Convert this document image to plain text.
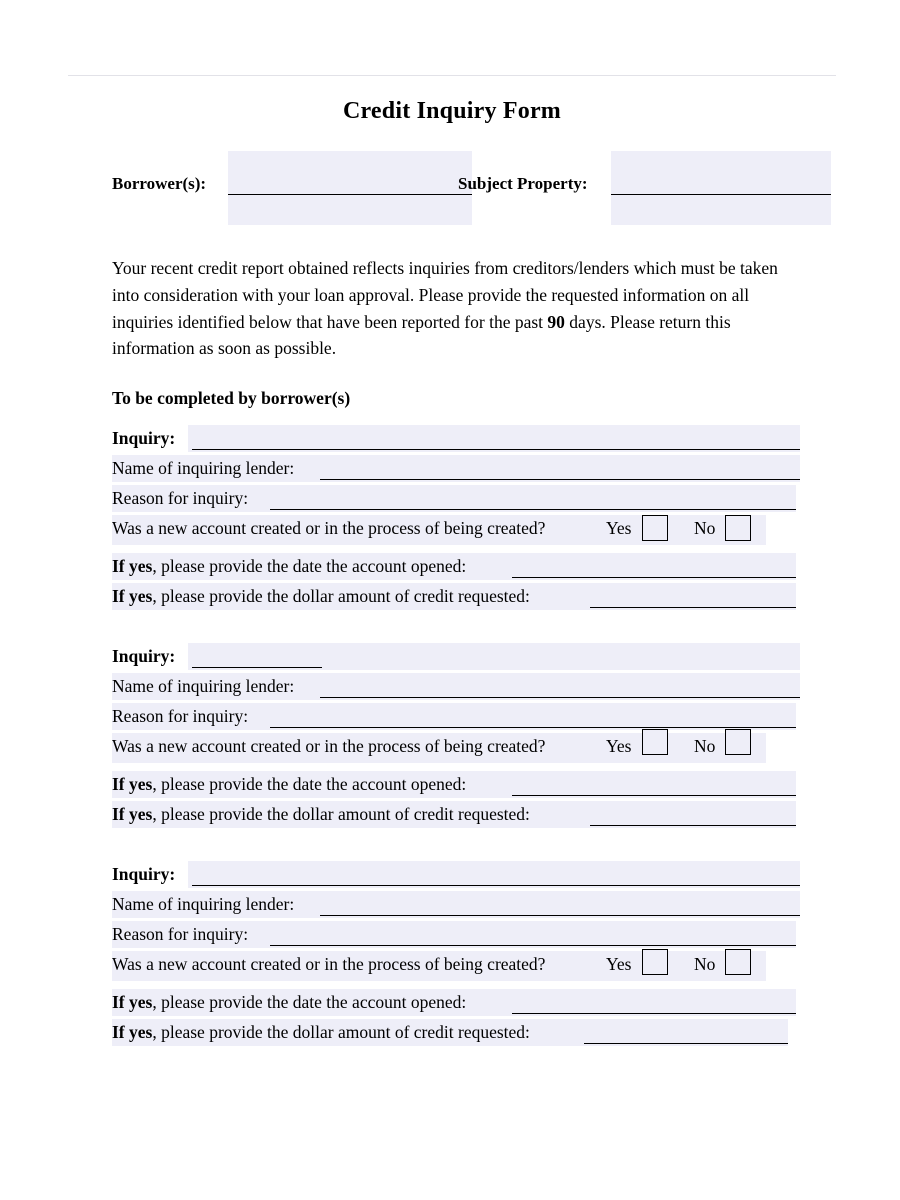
Credit Inquiry Form
Borrower(s):	Subject Property:
Your recent credit report obtained reflects inquiries from creditors/lenders which must be taken into consideration with your loan approval. Please provide the requested information on all inquiries identified below that have been reported for the past 90 days. Please return this information as soon as possible.
To be completed by borrower(s)
Inquiry:
Name of inquiring lender:
Reason for inquiry:
Was a new account created or in the process of being created?	Yes	No
If yes, please provide the date the account opened:
If yes, please provide the dollar amount of credit requested:
Inquiry:
Name of inquiring lender:
Reason for inquiry:
Was a new account created or in the process of being created?	Yes	No
If yes, please provide the date the account opened:
If yes, please provide the dollar amount of credit requested:
Inquiry:
Name of inquiring lender:
Reason for inquiry:
Was a new account created or in the process of being created?	Yes	No
If yes, please provide the date the account opened:
If yes, please provide the dollar amount of credit requested:
